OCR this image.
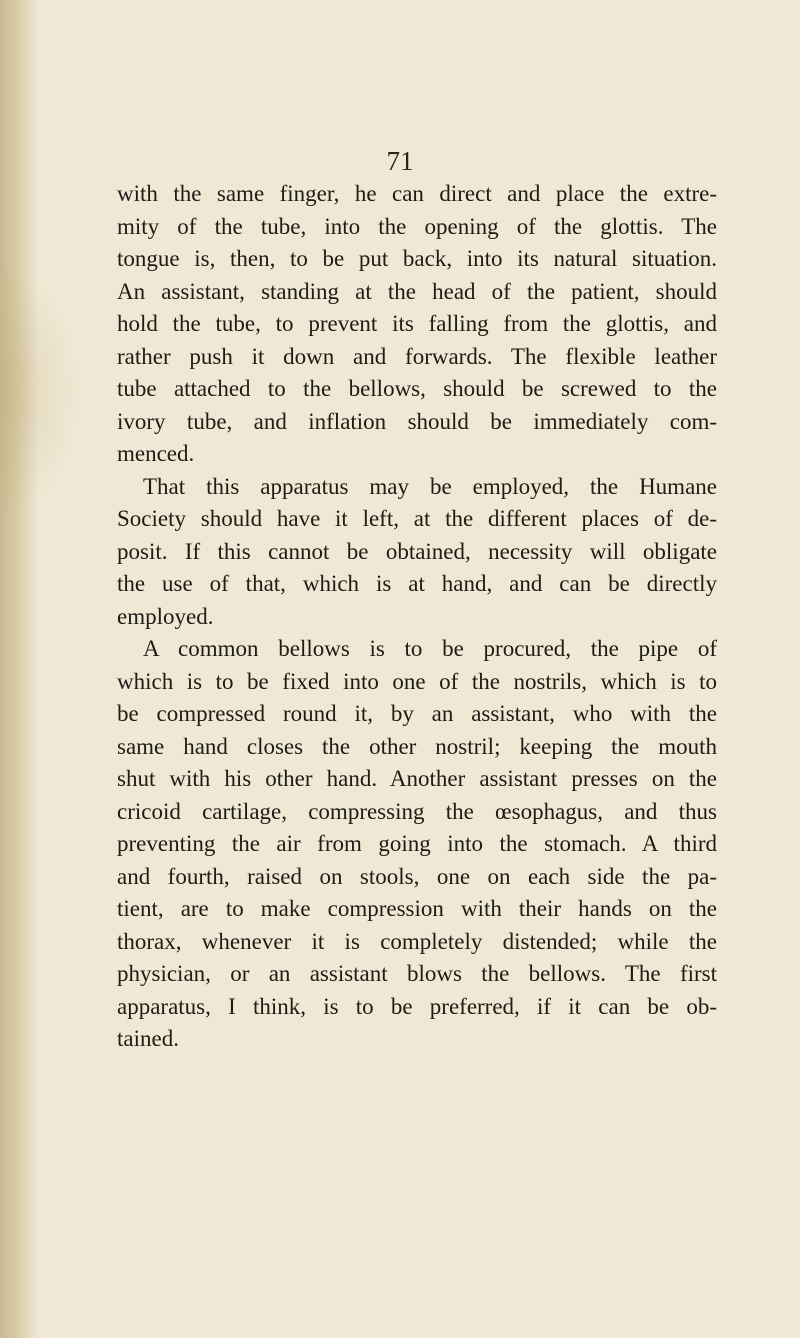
71
with the same finger, he can direct and place the extre-
mity of the tube, into the opening of the glottis. The
tongue is, then, to be put back, into its natural situation.
An assistant, standing at the head of the patient, should
hold the tube, to prevent its falling from the glottis, and
rather push it down and forwards. The flexible leather
tube attached to the bellows, should be screwed to the
ivory tube, and inflation should be immediately com-
menced.
That this apparatus may be employed, the Humane
Society should have it left, at the different places of de-
posit. If this cannot be obtained, necessity will obligate
the use of that, which is at hand, and can be directly
employed.
A common bellows is to be procured, the pipe of
which is to be fixed into one of the nostrils, which is to
be compressed round it, by an assistant, who with the
same hand closes the other nostril; keeping the mouth
shut with his other hand. Another assistant presses on the
cricoid cartilage, compressing the œsophagus, and thus
preventing the air from going into the stomach. A third
and fourth, raised on stools, one on each side the pa-
tient, are to make compression with their hands on the
thorax, whenever it is completely distended; while the
physician, or an assistant blows the bellows. The first
apparatus, I think, is to be preferred, if it can be ob-
tained.
